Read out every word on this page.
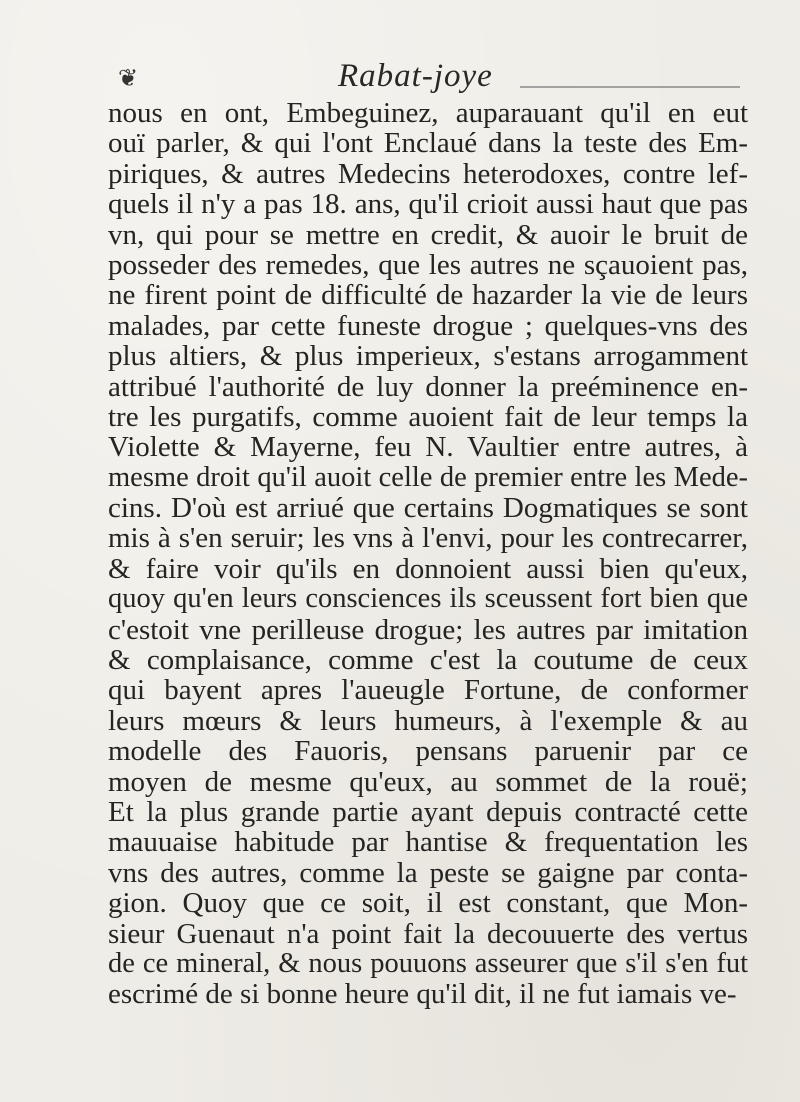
❦	Rabat-joye
nous en ont, Embeguinez, auparauant qu'il en eut
ouï parler, & qui l'ont Enclaué dans la teste des Em-
piriques, & autres Medecins heterodoxes, contre lef-
quels il n'y a pas 18. ans, qu'il crioit aussi haut que pas
vn, qui pour se mettre en credit, & auoir le bruit de
posseder des remedes, que les autres ne sçauoient pas,
ne firent point de difficulté de hazarder la vie de leurs
malades, par cette funeste drogue ; quelques-vns des
plus altiers, & plus imperieux, s'estans arrogamment
attribué l'authorité de luy donner la preéminence en-
tre les purgatifs, comme auoient fait de leur temps la
Violette & Mayerne, feu N. Vaultier entre autres, à
mesme droit qu'il auoit celle de premier entre les Mede-
cins. D'où est arriué que certains Dogmatiques se sont
mis à s'en seruir; les vns à l'envi, pour les contrecarrer,
& faire voir qu'ils en donnoient aussi bien qu'eux,
quoy qu'en leurs consciences ils sceussent fort bien que
c'estoit vne perilleuse drogue; les autres par imitation
& complaisance, comme c'est la coutume de ceux
qui bayent apres l'aueugle Fortune, de conformer
leurs mœurs & leurs humeurs, à l'exemple & au
modelle des Fauoris, pensans paruenir par ce
moyen de mesme qu'eux, au sommet de la rouë;
Et la plus grande partie ayant depuis contracté cette
mauuaise habitude par hantise & frequentation les
vns des autres, comme la peste se gaigne par conta-
gion. Quoy que ce soit, il est constant, que Mon-
sieur Guenaut n'a point fait la decouuerte des vertus
de ce mineral, & nous pouuons asseurer que s'il s'en fut
escrimé de si bonne heure qu'il dit, il ne fut iamais ve-
